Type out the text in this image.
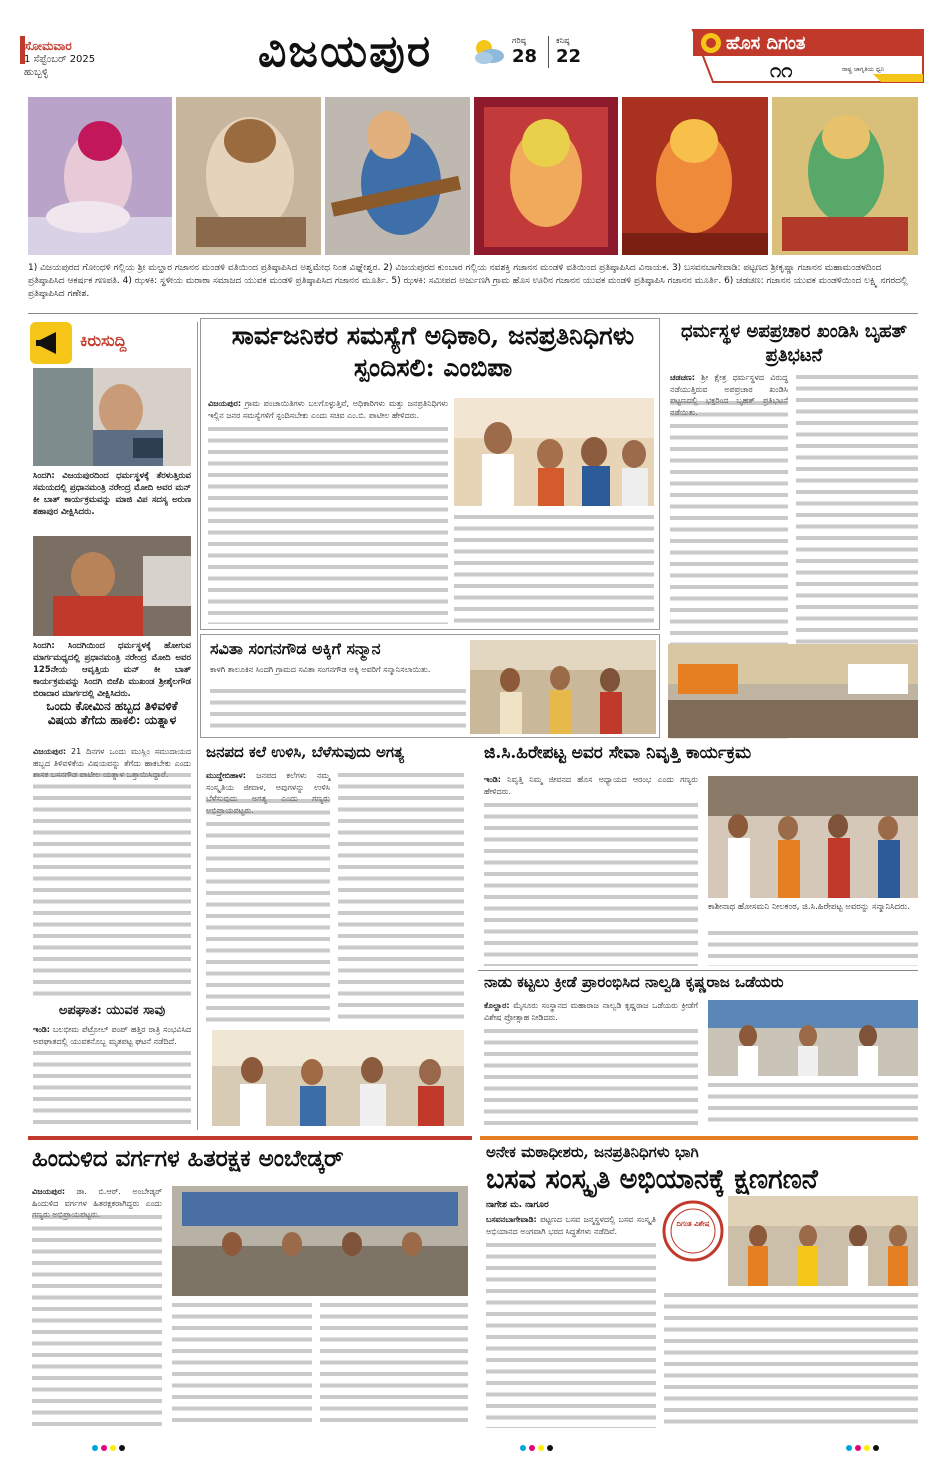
ಸೋಮವಾರ
1 ಸೆಪ್ಟೆಂಬರ್ 2025
ಹುಬ್ಬಳ್ಳಿ	ವಿಜಯಪುರ	ಗರಿಷ್ಠ
28
ಕನಿಷ್ಠ
22
ಹೊಸ ದಿಗಂತ
೧೧	ರಾಷ್ಟ್ರ ಜಾಗೃತಿಯ ಧ್ವನಿ
1) ವಿಜಯಪುರದ ಗೋಂಧಳಿ ಗಲ್ಲಿಯ ಶ್ರೀ ಮಲ್ಹಾರ ಗಜಾನನ ಮಂಡಳಿ ವತಿಯಿಂದ ಪ್ರತಿಷ್ಠಾಪಿಸಿದ ಅಶ್ವಮೇಧ ನಿಂತ ವಿಘ್ನೇಶ್ವರ. 2) ವಿಜಯಪುರದ ಕುಂಬಾರ ಗಲ್ಲಿಯ ನವಶಕ್ತಿ ಗಜಾನನ ಮಂಡಳಿ ವತಿಯಿಂದ ಪ್ರತಿಷ್ಠಾಪಿಸಿದ ವಿನಾಯಕ. 3) ಬಸವನಬಾಗೇವಾಡಿ: ಪಟ್ಟಣದ ಶ್ರೀಕೃಷ್ಣಾ ಗಜಾನನ ಮಹಾಮಂಡಳದಿಂದ ಪ್ರತಿಷ್ಠಾಪಿಸಿದ ಆಕರ್ಷಕ ಗಣಪತಿ. 4) ಝಳಕಿ: ಸ್ಥಳೀಯ ಮರಾಠಾ ಸಮಾಜದ ಯುವಕ ಮಂಡಳಿ ಪ್ರತಿಷ್ಠಾಪಿಸಿದ ಗಜಾನನ ಮೂರ್ತಿ. 5) ಝಳಕಿ: ಸಮೀಪದ ಅರ್ಜುಣಗಿ ಗ್ರಾಮ ಹೊಸ ಊರಿನ ಗಜಾನನ ಯುವಕ ಮಂಡಳಿ ಪ್ರತಿಷ್ಠಾಪಿಸಿ ಗಜಾನನ ಮೂರ್ತಿ. 6) ಚಡಚಣ: ಗಜಾನನ ಯುವಕ ಮಂಡಳಿಯಿಂದ ಲಕ್ಷ್ಮಿ ನಗರದಲ್ಲಿ ಪ್ರತಿಷ್ಠಾಪಿಸಿದ ಗಣೇಶ.
ಕಿರುಸುದ್ದಿ
ಸಿಂದಗಿ: ವಿಜಯಪುರದಿಂದ ಧರ್ಮಸ್ಥಳಕ್ಕೆ ತೆರಳುತ್ತಿರುವ ಸಮಯದಲ್ಲಿ ಪ್ರಧಾನಮಂತ್ರಿ ನರೇಂದ್ರ ಮೋದಿ ಅವರ ಮನ್ ಕೀ ಬಾತ್ ಕಾರ್ಯಕ್ರಮವನ್ನು ಮಾಜಿ ವಿಪ ಸದಸ್ಯ ಅರುಣ ಶಹಾಪುರ ವೀಕ್ಷಿಸಿದರು.
ಸಿಂದಗಿ: ಸಿಂದಗಿಯಿಂದ ಧರ್ಮಸ್ಥಳಕ್ಕೆ ಹೋಗುವ ಮಾರ್ಗಮಧ್ಯದಲ್ಲಿ ಪ್ರಧಾನಮಂತ್ರಿ ನರೇಂದ್ರ ಮೋದಿ ಅವರ 125ನೇಯ ಆವೃತ್ತಿಯ ಮನ್ ಕೀ ಬಾತ್ ಕಾರ್ಯಕ್ರಮವನ್ನು ಸಿಂದಗಿ ಬಿಜೆಪಿ ಮುಖಂಡ ಶ್ರೀಶೈಲಗೌಡ ಬಿರಾದಾರ ಮಾರ್ಗದಲ್ಲಿ ವೀಕ್ಷಿಸಿದರು.
ಒಂದು ಕೋಮಿನ ಹಬ್ಬದ ತಿಳಿವಳಿಕೆ ವಿಷಯ ತೆಗೆದು ಹಾಕಲಿ: ಯತ್ನಾಳ
ವಿಜಯಪುರ: 21 ದಿನಗಳ ಒಂದು ಮುಸ್ಲಿಂ ಸಮುದಾಯದ ಹಬ್ಬದ ತಿಳಿವಳಿಕೆಯ ವಿಷಯವನ್ನು ತೆಗೆದು ಹಾಕಬೇಕು ಎಂದು ಶಾಸಕ ಬಸನಗೌಡ ಪಾಟೀಲ ಯತ್ನಾಳ ಒತ್ತಾಯಿಸಿದ್ದಾರೆ.
ಅಪಘಾತ: ಯುವಕ ಸಾವು
ಇಂಡಿ: ಬಲಭೀಮ ಪೆಟ್ರೋಲ್ ಪಂಪ್ ಹತ್ತಿರ ರಾತ್ರಿ ಸಂಭವಿಸಿದ ಅಪಘಾತದಲ್ಲಿ ಯುವಕನೊಬ್ಬ ಮೃತಪಟ್ಟ ಘಟನೆ ನಡೆದಿದೆ.
ಸಾರ್ವಜನಿಕರ ಸಮಸ್ಯೆಗೆ ಅಧಿಕಾರಿ, ಜನಪ್ರತಿನಿಧಿಗಳು ಸ್ಪಂದಿಸಲಿ: ಎಂಬಿಪಾ
ವಿಜಯಪುರ: ಗ್ರಾಮ ಪಂಚಾಯಿತಿಗಳು ಬಲಗೊಳ್ಳುತ್ತಿವೆ, ಅಧಿಕಾರಿಗಳು ಮತ್ತು ಜನಪ್ರತಿನಿಧಿಗಳು ಇಲ್ಲಿನ ಜನರ ಸಮಸ್ಯೆಗಳಿಗೆ ಸ್ಪಂದಿಸಬೇಕು ಎಂದು ಸಚಿವ ಎಂ.ಬಿ. ಪಾಟೀಲ ಹೇಳಿದರು.
ಧರ್ಮಸ್ಥಳ ಅಪಪ್ರಚಾರ ಖಂಡಿಸಿ ಬೃಹತ್ ಪ್ರತಿಭಟನೆ
ಚಡಚಣ: ಶ್ರೀ ಕ್ಷೇತ್ರ ಧರ್ಮಸ್ಥಳದ ವಿರುದ್ಧ ನಡೆಯುತ್ತಿರುವ ಅಪಪ್ರಚಾರ ಖಂಡಿಸಿ ಪಟ್ಟಣದಲ್ಲಿ ಭಕ್ತರಿಂದ ಬೃಹತ್ ಪ್ರತಿಭಟನೆ ನಡೆಯಿತು.
ಸವಿತಾ ಸಂಗನಗೌಡ ಅಕ್ಕಿಗೆ ಸನ್ಮಾನ
ಕಾಳಗಿ ತಾಲೂಕಿನ ಸಿಂದಗಿ ಗ್ರಾಮದ ಸವಿತಾ ಸಂಗನಗೌಡ ಅಕ್ಕಿ ಅವರಿಗೆ ಸನ್ಮಾನಿಸಲಾಯಿತು.
ಜನಪದ ಕಲೆ ಉಳಿಸಿ, ಬೆಳೆಸುವುದು ಅಗತ್ಯ
ಮುದ್ದೇಬಿಹಾಳ: ಜನಪದ ಕಲೆಗಳು ನಮ್ಮ ಸಂಸ್ಕೃತಿಯ ಜೀವಾಳ, ಅವುಗಳನ್ನು ಉಳಿಸಿ ಬೆಳೆಸುವುದು ಅಗತ್ಯ ಎಂದು ಗಣ್ಯರು ಅಭಿಪ್ರಾಯಪಟ್ಟರು.
ಜಿ.ಸಿ.ಹಿರೇಪಟ್ಟ ಅವರ ಸೇವಾ ನಿವೃತ್ತಿ ಕಾರ್ಯಕ್ರಮ
ಇಂಡಿ: ನಿವೃತ್ತಿ ನಿಮ್ಮ ಜೀವನದ ಹೊಸ ಅಧ್ಯಾಯದ ಆರಂಭ ಎಂದು ಗಣ್ಯರು ಹೇಳಿದರು.
ಕಾಶೀನಾಥ ಹೋಸಮನಿ ನೀಲಕಂಠ, ಜಿ.ಸಿ.ಹಿರೇಪಟ್ಟ ಅವರನ್ನು ಸನ್ಮಾನಿಸಿದರು.
ನಾಡು ಕಟ್ಟಲು ಕ್ರೀಡೆ ಪ್ರಾರಂಭಿಸಿದ ನಾಲ್ವಡಿ ಕೃಷ್ಣರಾಜ ಒಡೆಯರು
ಕೊಲ್ಹಾರ: ಮೈಸೂರು ಸಂಸ್ಥಾನದ ಮಹಾರಾಜ ನಾಲ್ವಡಿ ಕೃಷ್ಣರಾಜ ಒಡೆಯರು ಕ್ರೀಡೆಗೆ ವಿಶೇಷ ಪ್ರೋತ್ಸಾಹ ನೀಡಿದರು.
ಹಿಂದುಳಿದ ವರ್ಗಗಳ ಹಿತರಕ್ಷಕ ಅಂಬೇಡ್ಕರ್
ವಿಜಯಪುರ: ಡಾ. ಬಿ.ಆರ್. ಅಂಬೇಡ್ಕರ್ ಹಿಂದುಳಿದ ವರ್ಗಗಳ ಹಿತರಕ್ಷಕರಾಗಿದ್ದರು ಎಂದು ಗಣ್ಯರು ಅಭಿಪ್ರಾಯಪಟ್ಟರು.
ಅನೇಕ ಮಠಾಧೀಶರು, ಜನಪ್ರತಿನಿಧಿಗಳು ಭಾಗಿ
ಬಸವ ಸಂಸ್ಕೃತಿ ಅಭಿಯಾನಕ್ಕೆ ಕ್ಷಣಗಣನೆ
ನಾಗೇಶ ಮ. ನಾಗೂರ
ಬಸವನಬಾಗೇವಾಡಿ: ಪಟ್ಟಣದ ಬಸವ ಜನ್ಮಸ್ಥಳದಲ್ಲಿ ಬಸವ ಸಂಸ್ಕೃತಿ ಅಭಿಯಾನದ ಅಂಗವಾಗಿ ಭರದ ಸಿದ್ಧತೆಗಳು ನಡೆದಿವೆ.
ದಿಗಂತ ವಿಶೇಷ
